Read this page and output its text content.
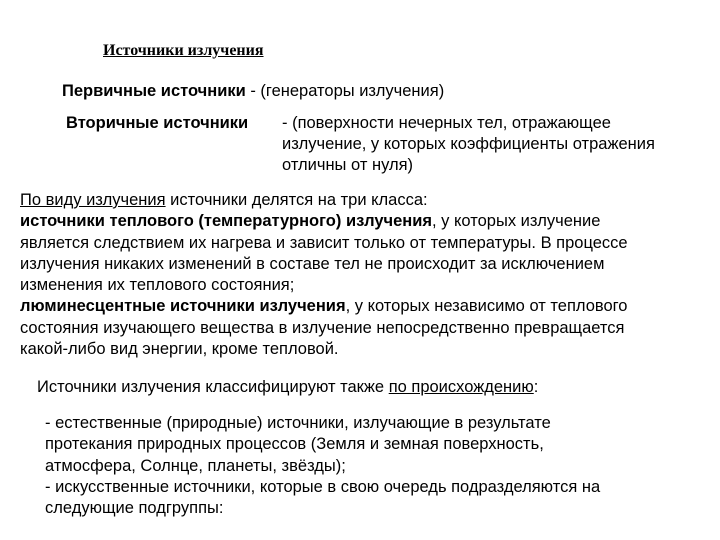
Источники излучения
Первичные источники - (генераторы излучения)
Вторичные источники - (поверхности нечерных тел, отражающее
излучение, у которых коэффициенты отражения
отличны от нуля)
По виду излучения источники делятся на три класса:
источники теплового (температурного) излучения, у которых излучение
является следствием их нагрева и зависит только от температуры. В процессе
излучения никаких изменений в составе тел не происходит за исключением
изменения их теплового состояния;
люминесцентные источники излучения, у которых независимо от теплового
состояния изучающего вещества в излучение непосредственно превращается
какой-либо вид энергии, кроме тепловой.
Источники излучения классифицируют также по происхождению:
- естественные (природные) источники, излучающие в результате
протекания природных процессов (Земля и земная поверхность,
атмосфера, Солнце, планеты, звёзды);
- искусственные источники, которые в свою очередь подразделяются на
следующие подгруппы:
